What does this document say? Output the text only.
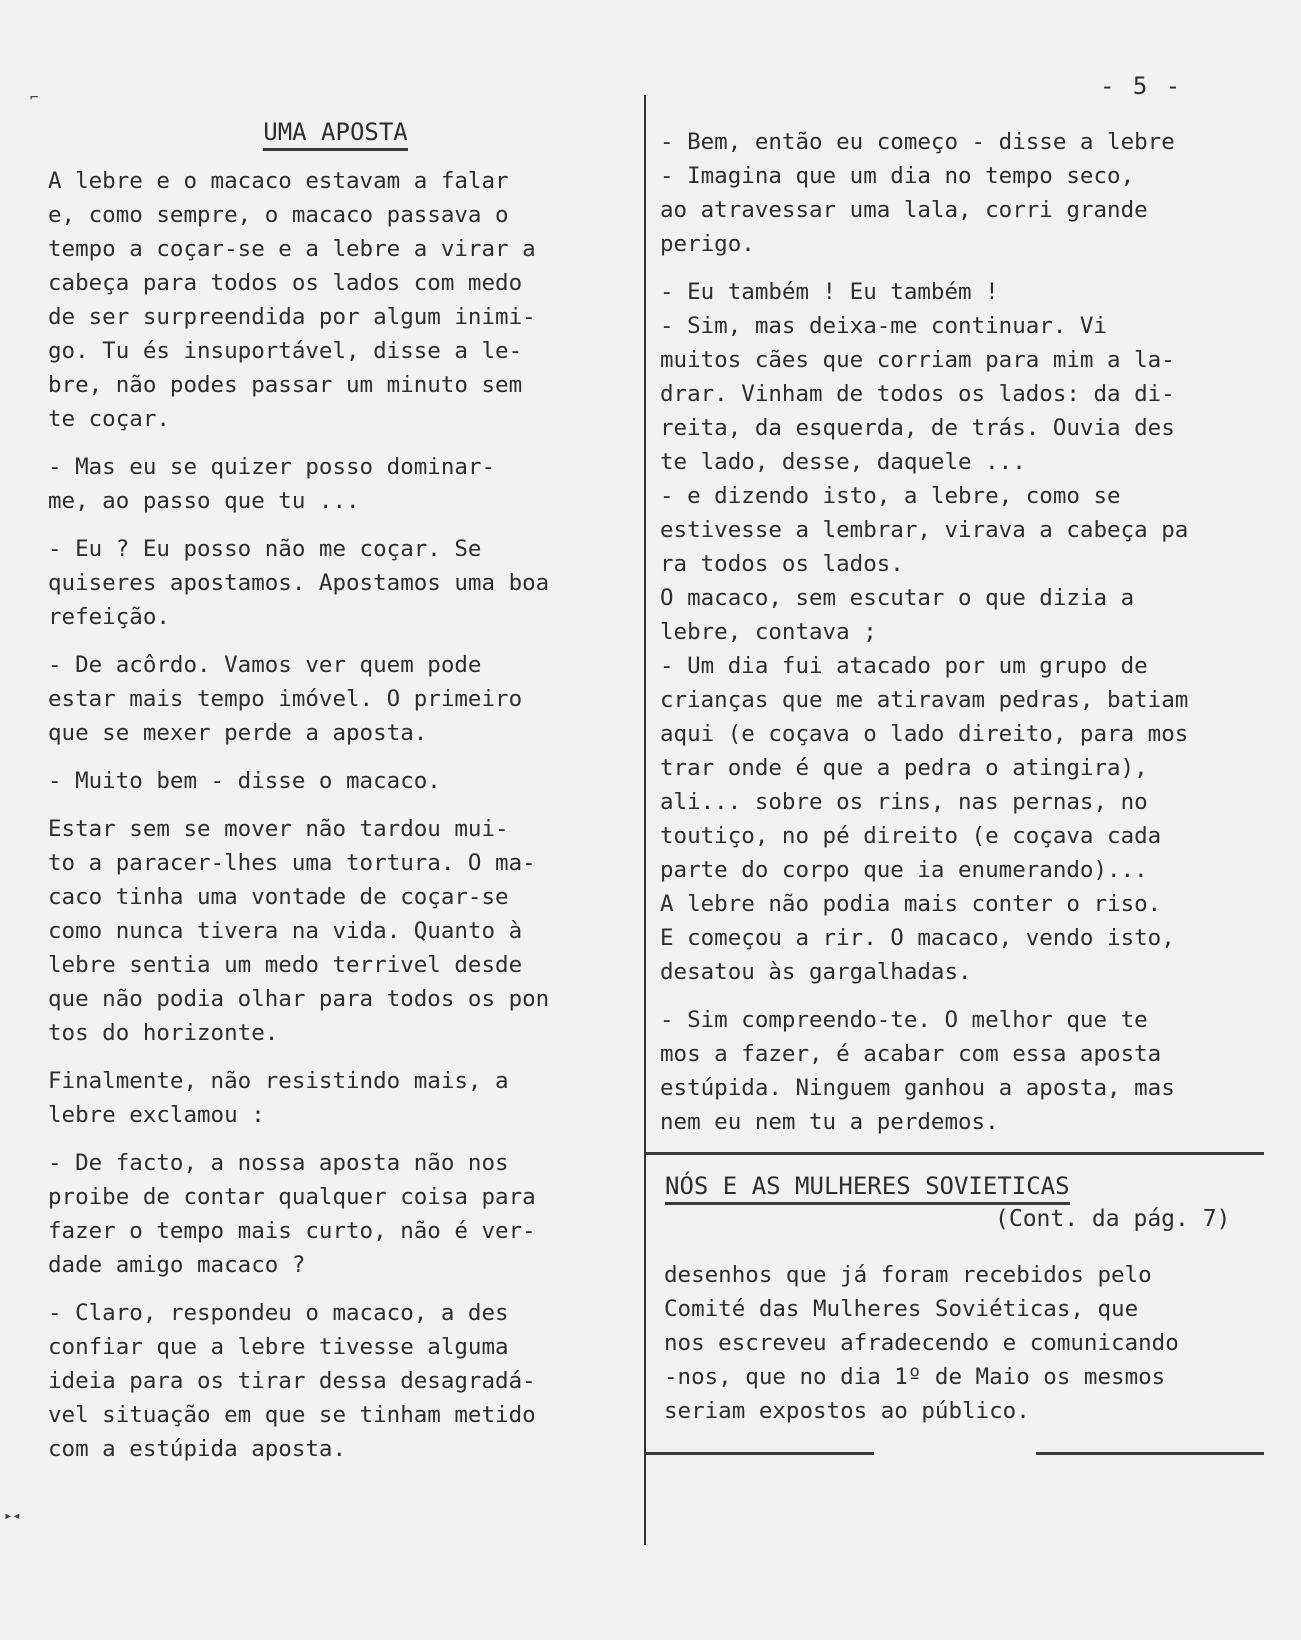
- 5 -
UMA APOSTA

A lebre e o macaco estavam a falar
e, como sempre, o macaco passava o
tempo a coçar-se e a lebre a virar a
cabeça para todos os lados com medo
de ser surpreendida por algum inimi-
go. Tu és insuportável, disse a le-
bre, não podes passar um minuto sem
te coçar.

- Mas eu se quizer posso dominar-
me, ao passo que tu ...

- Eu ? Eu posso não me coçar. Se
quiseres apostamos. Apostamos uma boa
refeição.

- De acôrdo. Vamos ver quem pode
estar mais tempo imóvel. O primeiro
que se mexer perde a aposta.

- Muito bem - disse o macaco.

Estar sem se mover não tardou mui-
to a paracer-lhes uma tortura. O ma-
caco tinha uma vontade de coçar-se
como nunca tivera na vida. Quanto à
lebre sentia um medo terrivel desde
que não podia olhar para todos os pon
tos do horizonte.

Finalmente, não resistindo mais, a
lebre exclamou :

- De facto, a nossa aposta não nos
proibe de contar qualquer coisa para
fazer o tempo mais curto, não é ver-
dade amigo macaco ?

- Claro, respondeu o macaco, a des
confiar que a lebre tivesse alguma
ideia para os tirar dessa desagradá-
vel situação em que se tinham metido
com a estúpida aposta.

- Bem, então eu começo - disse a lebre
- Imagina que um dia no tempo seco,
ao atravessar uma lala, corri grande
perigo.

- Eu também ! Eu também !
- Sim, mas deixa-me continuar. Vi
muitos cães que corriam para mim a la-
drar. Vinham de todos os lados: da di-
reita, da esquerda, de trás. Ouvia des
te lado, desse, daquele ...
- e dizendo isto, a lebre, como se
estivesse a lembrar, virava a cabeça pa
ra todos os lados.
O macaco, sem escutar o que dizia a
lebre, contava ;
- Um dia fui atacado por um grupo de
crianças que me atiravam pedras, batiam
aqui (e coçava o lado direito, para mos
trar onde é que a pedra o atingira),
ali... sobre os rins, nas pernas, no
toutiço, no pé direito (e coçava cada
parte do corpo que ia enumerando)...
A lebre não podia mais conter o riso.
E começou a rir. O macaco, vendo isto,
desatou às gargalhadas.

- Sim compreendo-te. O melhor que te
mos a fazer, é acabar com essa aposta
estúpida. Ninguem ganhou a aposta, mas
nem eu nem tu a perdemos.

NÓS E AS MULHERES SOVIETICAS
(Cont. da pág. 7)

desenhos que já foram recebidos pelo
Comité das Mulheres Soviéticas, que
nos escreveu afradecendo e comunicando
-nos, que no dia 1º de Maio os mesmos
seriam expostos ao público.

⌐
▸◂
